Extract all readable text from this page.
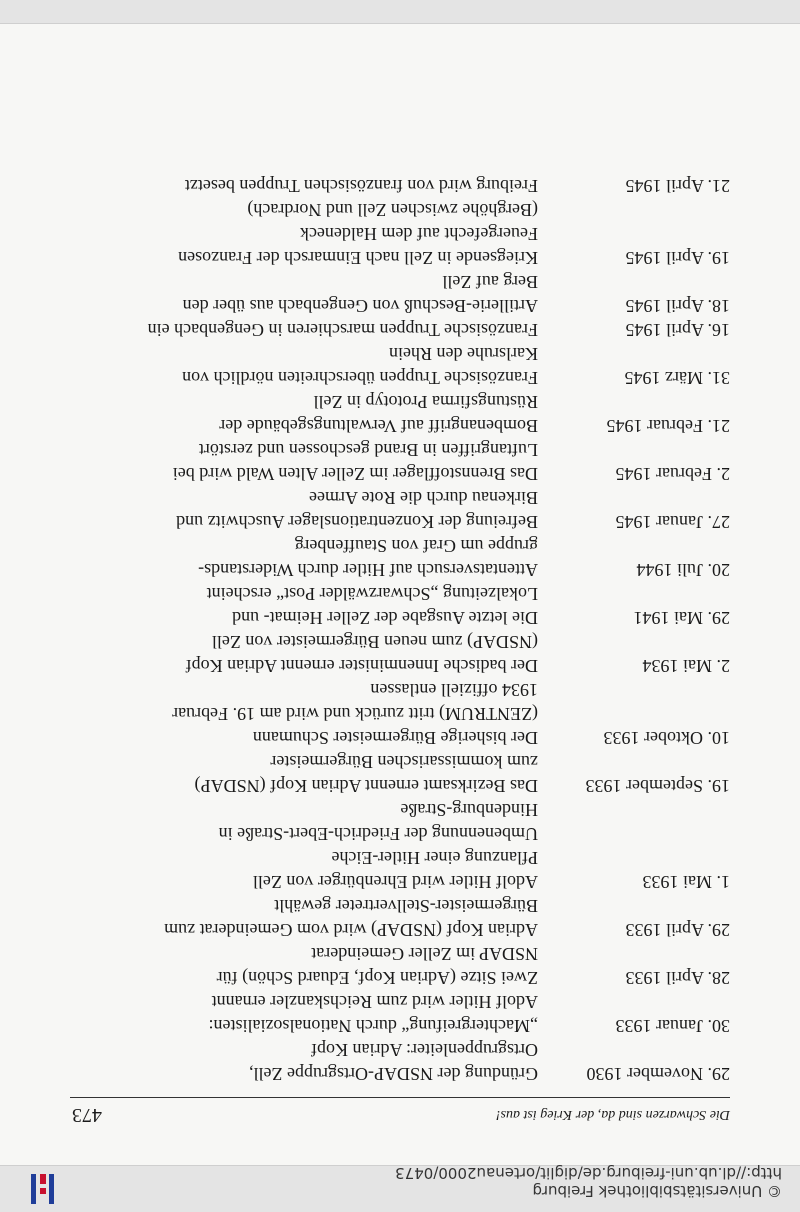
© Universitätsbibliothek Freiburg
http://dl.ub.uni-freiburg.de/diglit/ortenau2000/0473
Die Schwarzen sind da, der Krieg ist aus!
473
29. November 1930
Gründung der NSDAP-Ortsgruppe Zell,
Ortsgruppenleiter: Adrian Kopf
30. Januar 1933
„Machtergreifung“ durch Nationalsozialisten:
Adolf Hitler wird zum Reichskanzler ernannt
28. April 1933
Zwei Sitze (Adrian Kopf, Eduard Schön) für
NSDAP im Zeller Gemeinderat
29. April 1933
Adrian Kopf (NSDAP) wird vom Gemeinderat zum
Bürgermeister-Stellvertreter gewählt
1. Mai 1933
Adolf Hitler wird Ehrenbürger von Zell
Pflanzung einer Hitler-Eiche
Umbenennung der Friedrich-Ebert-Straße in
Hindenburg-Straße
19. September 1933
Das Bezirksamt ernennt Adrian Kopf (NSDAP)
zum kommissarischen Bürgermeister
10. Oktober 1933
Der bisherige Bürgermeister Schumann
(ZENTRUM) tritt zurück und wird am 19. Februar
1934 offiziell entlassen
2. Mai 1934
Der badische Innenminister ernennt Adrian Kopf
(NSDAP) zum neuen Bürgermeister von Zell
29. Mai 1941
Die letzte Ausgabe der Zeller Heimat- und
Lokalzeitung „Schwarzwälder Post“ erscheint
20. Juli 1944
Attentatsversuch auf Hitler durch Widerstands-
gruppe um Graf von Stauffenberg
27. Januar 1945
Befreiung der Konzentrationslager Auschwitz und
Birkenau durch die Rote Armee
2. Februar 1945
Das Brennstofflager im Zeller Alten Wald wird bei
Luftangriffen in Brand geschossen und zerstört
21. Februar 1945
Bombenangriff auf Verwaltungsgebäude der
Rüstungsfirma Prototyp in Zell
31. März 1945
Französische Truppen überschreiten nördlich von
Karlsruhe den Rhein
16. April 1945
Französische Truppen marschieren in Gengenbach ein
18. April 1945
Artillerie-Beschuß von Gengenbach aus über den
Berg auf Zell
19. April 1945
Kriegsende in Zell nach Einmarsch der Franzosen
Feuergefecht auf dem Haldeneck
(Berghöhe zwischen Zell und Nordrach)
21. April 1945
Freiburg wird von französischen Truppen besetzt
